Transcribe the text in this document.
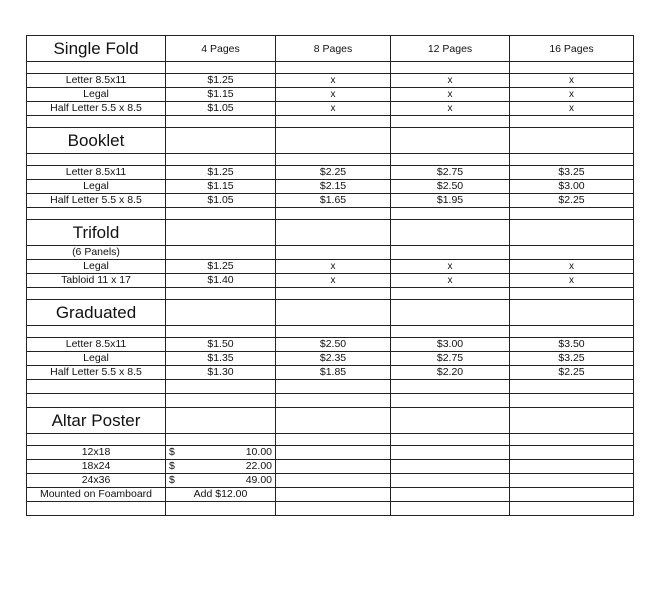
Single Fold	4 Pages	8 Pages	12 Pages	16 Pages

Letter 8.5x11	$1.25	x	x	x
Legal	$1.15	x	x	x
Half Letter 5.5 x 8.5	$1.05	x	x	x

Booklet				

Letter 8.5x11	$1.25	$2.25	$2.75	$3.25
Legal	$1.15	$2.15	$2.50	$3.00
Half Letter 5.5 x 8.5	$1.05	$1.65	$1.95	$2.25

Trifold				
(6 Panels)				
Legal	$1.25	x	x	x
Tabloid 11 x 17	$1.40	x	x	x

Graduated				

Letter 8.5x11	$1.50	$2.50	$3.00	$3.50
Legal	$1.35	$2.35	$2.75	$3.25
Half Letter 5.5 x 8.5	$1.30	$1.85	$2.20	$2.25

Altar Poster				

12x18	$ 10.00			
18x24	$ 22.00			
24x36	$ 49.00			
Mounted on Foamboard	Add $12.00			
